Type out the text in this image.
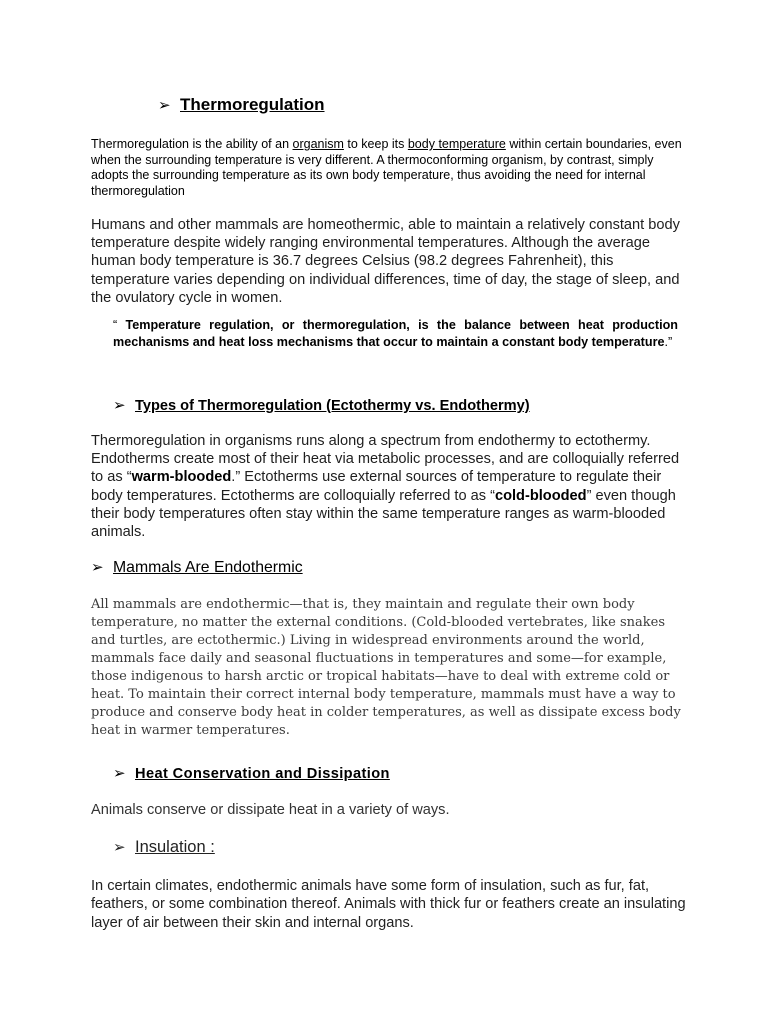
➢ Thermoregulation

Thermoregulation is the ability of an organism to keep its body temperature within certain boundaries, even when the surrounding temperature is very different. A thermoconforming organism, by contrast, simply adopts the surrounding temperature as its own body temperature, thus avoiding the need for internal thermoregulation

Humans and other mammals are homeothermic, able to maintain a relatively constant body temperature despite widely ranging environmental temperatures. Although the average human body temperature is 36.7 degrees Celsius (98.2 degrees Fahrenheit), this temperature varies depending on individual differences, time of day, the stage of sleep, and the ovulatory cycle in women.

“ Temperature regulation, or thermoregulation, is the balance between heat production mechanisms and heat loss mechanisms that occur to maintain a constant body temperature.”

➢ Types of Thermoregulation (Ectothermy vs. Endothermy)

Thermoregulation in organisms runs along a spectrum from endothermy to ectothermy. Endotherms create most of their heat via metabolic processes, and are colloquially referred to as “warm-blooded.” Ectotherms use external sources of temperature to regulate their body temperatures. Ectotherms are colloquially referred to as “cold-blooded” even though their body temperatures often stay within the same temperature ranges as warm-blooded animals.

➢ Mammals Are Endothermic

All mammals are endothermic—that is, they maintain and regulate their own body temperature, no matter the external conditions. (Cold-blooded vertebrates, like snakes and turtles, are ectothermic.) Living in widespread environments around the world, mammals face daily and seasonal fluctuations in temperatures and some—for example, those indigenous to harsh arctic or tropical habitats—have to deal with extreme cold or heat. To maintain their correct internal body temperature, mammals must have a way to produce and conserve body heat in colder temperatures, as well as dissipate excess body heat in warmer temperatures.

➢ Heat Conservation and Dissipation

Animals conserve or dissipate heat in a variety of ways.

➢ Insulation :

In certain climates, endothermic animals have some form of insulation, such as fur, fat, feathers, or some combination thereof. Animals with thick fur or feathers create an insulating layer of air between their skin and internal organs.
